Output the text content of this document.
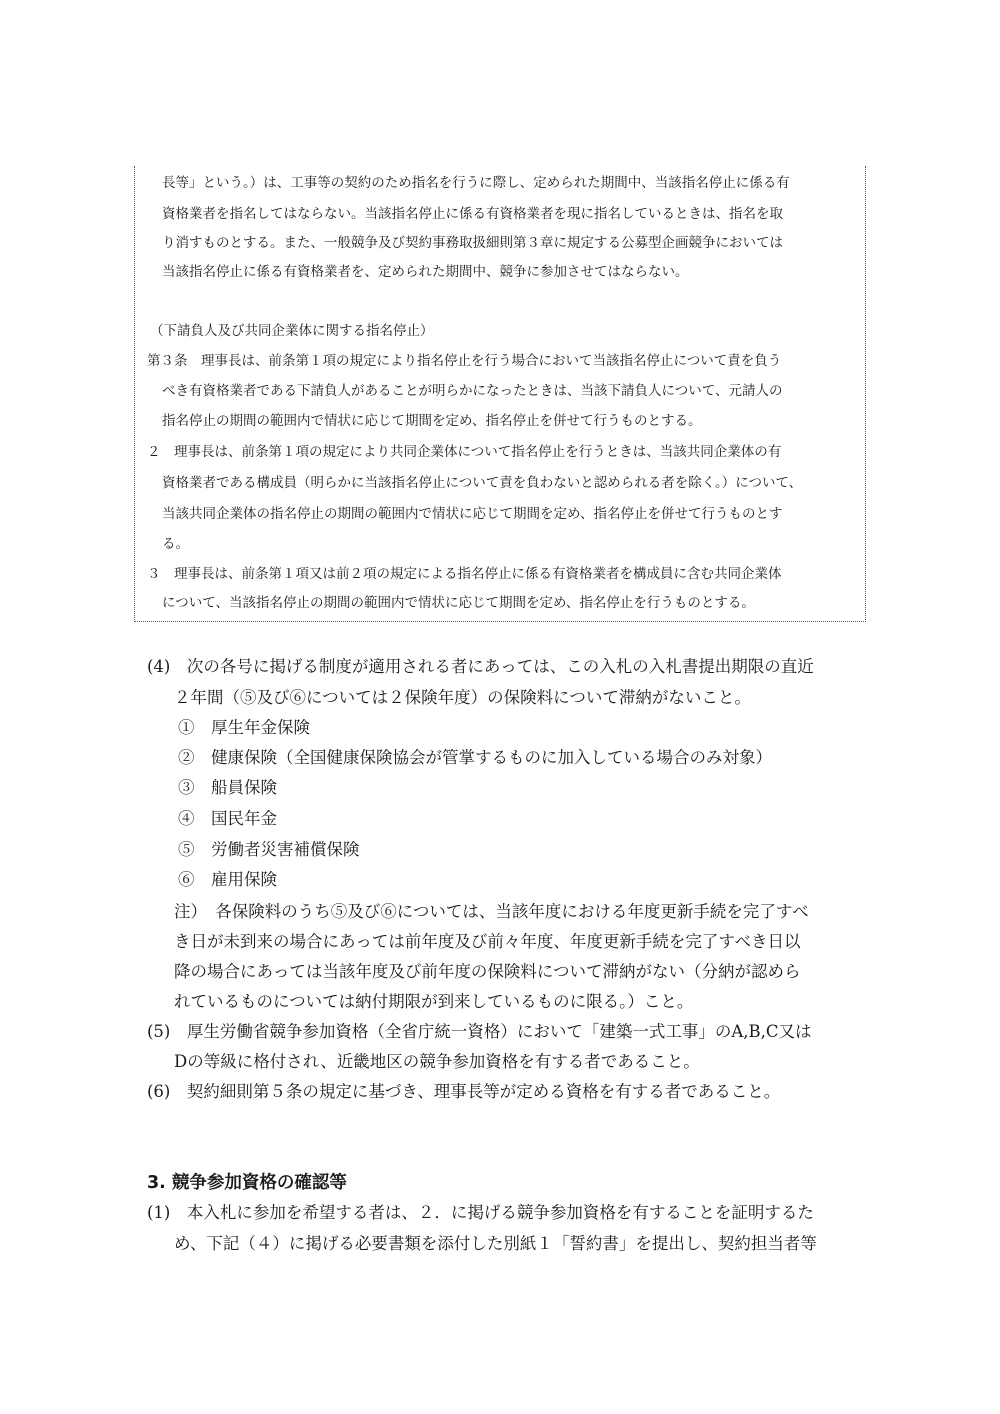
長等」という。）は、工事等の契約のため指名を行うに際し、定められた期間中、当該指名停止に係る有
資格業者を指名してはならない。当該指名停止に係る有資格業者を現に指名しているときは、指名を取
り消すものとする。また、一般競争及び契約事務取扱細則第３章に規定する公募型企画競争においては
当該指名停止に係る有資格業者を、定められた期間中、競争に参加させてはならない。
（下請負人及び共同企業体に関する指名停止）
第３条　理事長は、前条第１項の規定により指名停止を行う場合において当該指名停止について責を負う
べき有資格業者である下請負人があることが明らかになったときは、当該下請負人について、元請人の
指名停止の期間の範囲内で情状に応じて期間を定め、指名停止を併せて行うものとする。
２　理事長は、前条第１項の規定により共同企業体について指名停止を行うときは、当該共同企業体の有
資格業者である構成員（明らかに当該指名停止について責を負わないと認められる者を除く。）について、
当該共同企業体の指名停止の期間の範囲内で情状に応じて期間を定め、指名停止を併せて行うものとす
る。
３　理事長は、前条第１項又は前２項の規定による指名停止に係る有資格業者を構成員に含む共同企業体
について、当該指名停止の期間の範囲内で情状に応じて期間を定め、指名停止を行うものとする。
(4)　次の各号に掲げる制度が適用される者にあっては、この入札の入札書提出期限の直近
２年間（⑤及び⑥については２保険年度）の保険料について滞納がないこと。
①　厚生年金保険
②　健康保険（全国健康保険協会が管掌するものに加入している場合のみ対象）
③　船員保険
④　国民年金
⑤　労働者災害補償保険
⑥　雇用保険
注）　各保険料のうち⑤及び⑥については、当該年度における年度更新手続を完了すべ
き日が未到来の場合にあっては前年度及び前々年度、年度更新手続を完了すべき日以
降の場合にあっては当該年度及び前年度の保険料について滞納がない（分納が認めら
れているものについては納付期限が到来しているものに限る。）こと。
(5)　厚生労働省競争参加資格（全省庁統一資格）において「建築一式工事」のA,B,C又は
Dの等級に格付され、近畿地区の競争参加資格を有する者であること。
(6)　契約細則第５条の規定に基づき、理事長等が定める資格を有する者であること。
3. 競争参加資格の確認等
(1)　本入札に参加を希望する者は、２．に掲げる競争参加資格を有することを証明するた
め、下記（４）に掲げる必要書類を添付した別紙１「誓約書」を提出し、契約担当者等
